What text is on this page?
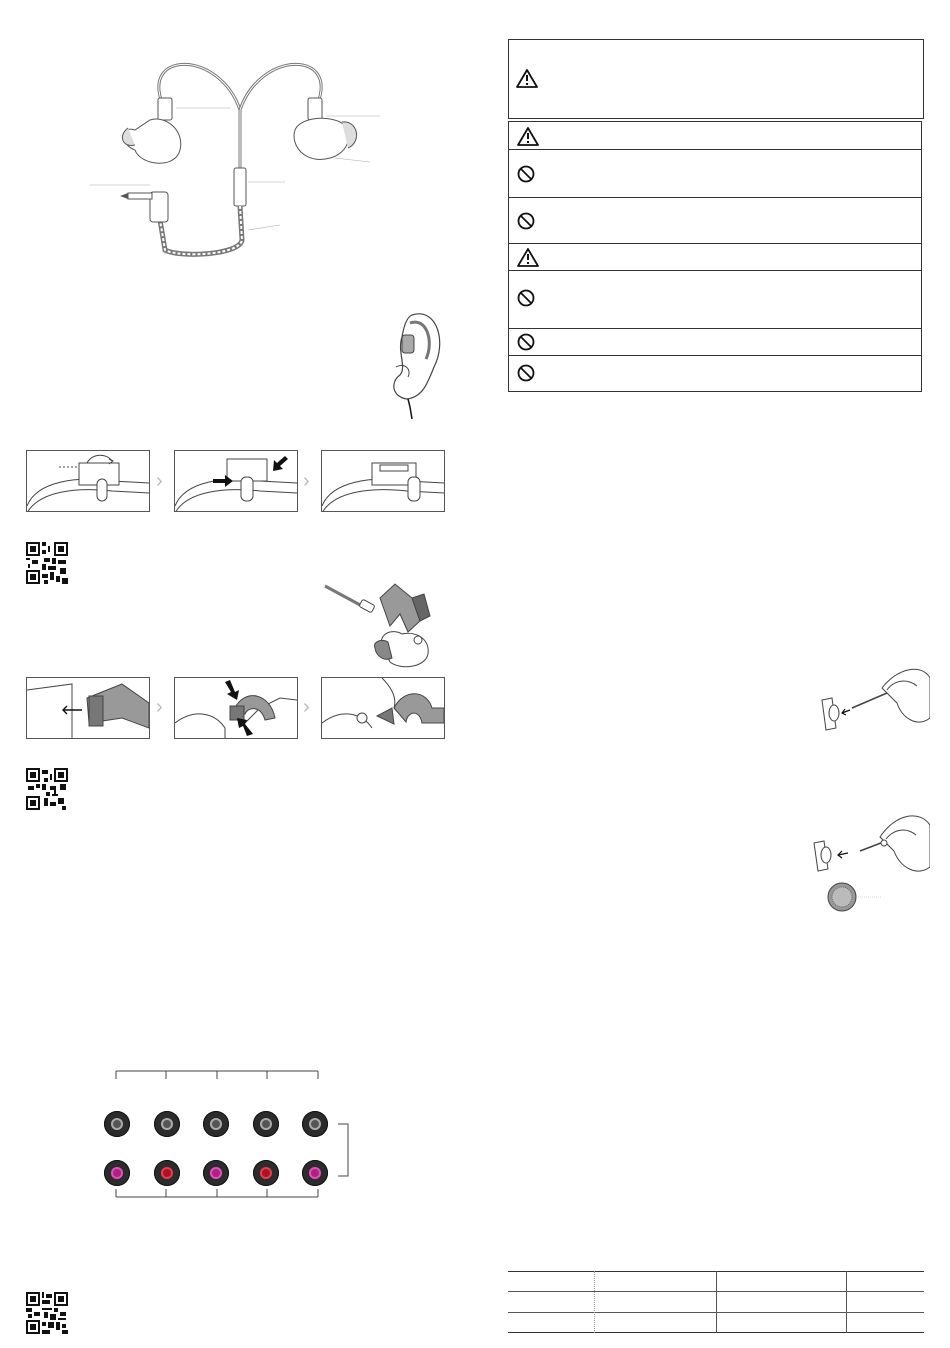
›	›
›	›
